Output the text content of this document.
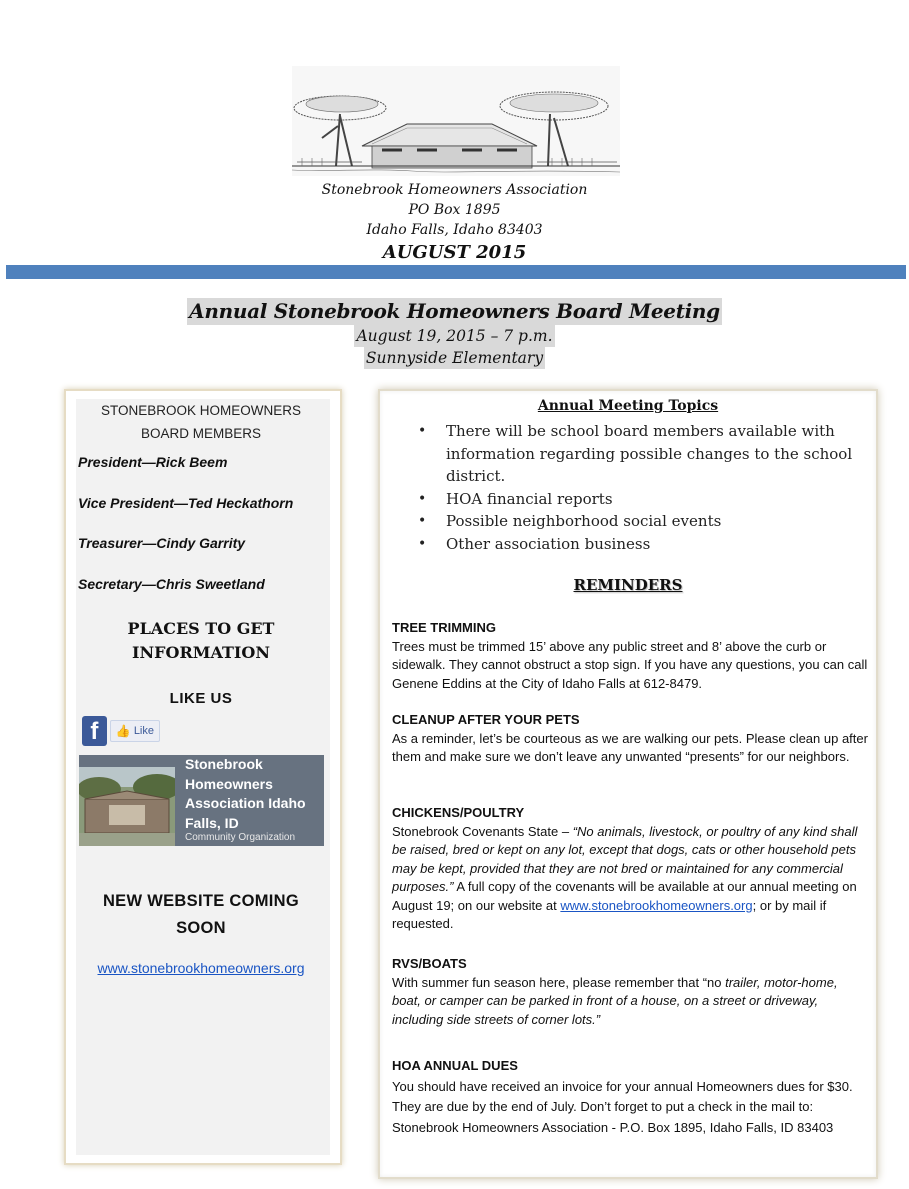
Stonebrook Homeowners Association
PO Box 1895
Idaho Falls, Idaho 83403
AUGUST 2015
Annual Stonebrook Homeowners Board Meeting
August 19, 2015 – 7 p.m.
Sunnyside Elementary
STONEBROOK HOMEOWNERS
BOARD MEMBERS
President—Rick Beem
Vice President—Ted Heckathorn
Treasurer—Cindy Garrity
Secretary—Chris Sweetland
PLACES TO GET
INFORMATION
LIKE US
f	👍 Like
Stonebrook Homeowners Association Idaho Falls, ID
Community Organization
NEW WEBSITE COMING
SOON
www.stonebrookhomeowners.org
Annual Meeting Topics
• There will be school board members available with information regarding possible changes to the school district.
• HOA financial reports
• Possible neighborhood social events
• Other association business
REMINDERS
TREE TRIMMING
Trees must be trimmed 15’ above any public street and 8’ above the curb or sidewalk. They cannot obstruct a stop sign. If you have any questions, you can call Genene Eddins at the City of Idaho Falls at 612-8479.
CLEANUP AFTER YOUR PETS
As a reminder, let’s be courteous as we are walking our pets. Please clean up after them and make sure we don’t leave any unwanted “presents” for our neighbors.
CHICKENS/POULTRY
Stonebrook Covenants State – “No animals, livestock, or poultry of any kind shall be raised, bred or kept on any lot, except that dogs, cats or other household pets may be kept, provided that they are not bred or maintained for any commercial purposes.” A full copy of the covenants will be available at our annual meeting on August 19; on our website at www.stonebrookhomeowners.org; or by mail if requested.
RVS/BOATS
With summer fun season here, please remember that “no trailer, motor-home, boat, or camper can be parked in front of a house, on a street or driveway, including side streets of corner lots.”
HOA ANNUAL DUES
You should have received an invoice for your annual Homeowners dues for $30. They are due by the end of July. Don’t forget to put a check in the mail to: Stonebrook Homeowners Association - P.O. Box 1895, Idaho Falls, ID 83403
